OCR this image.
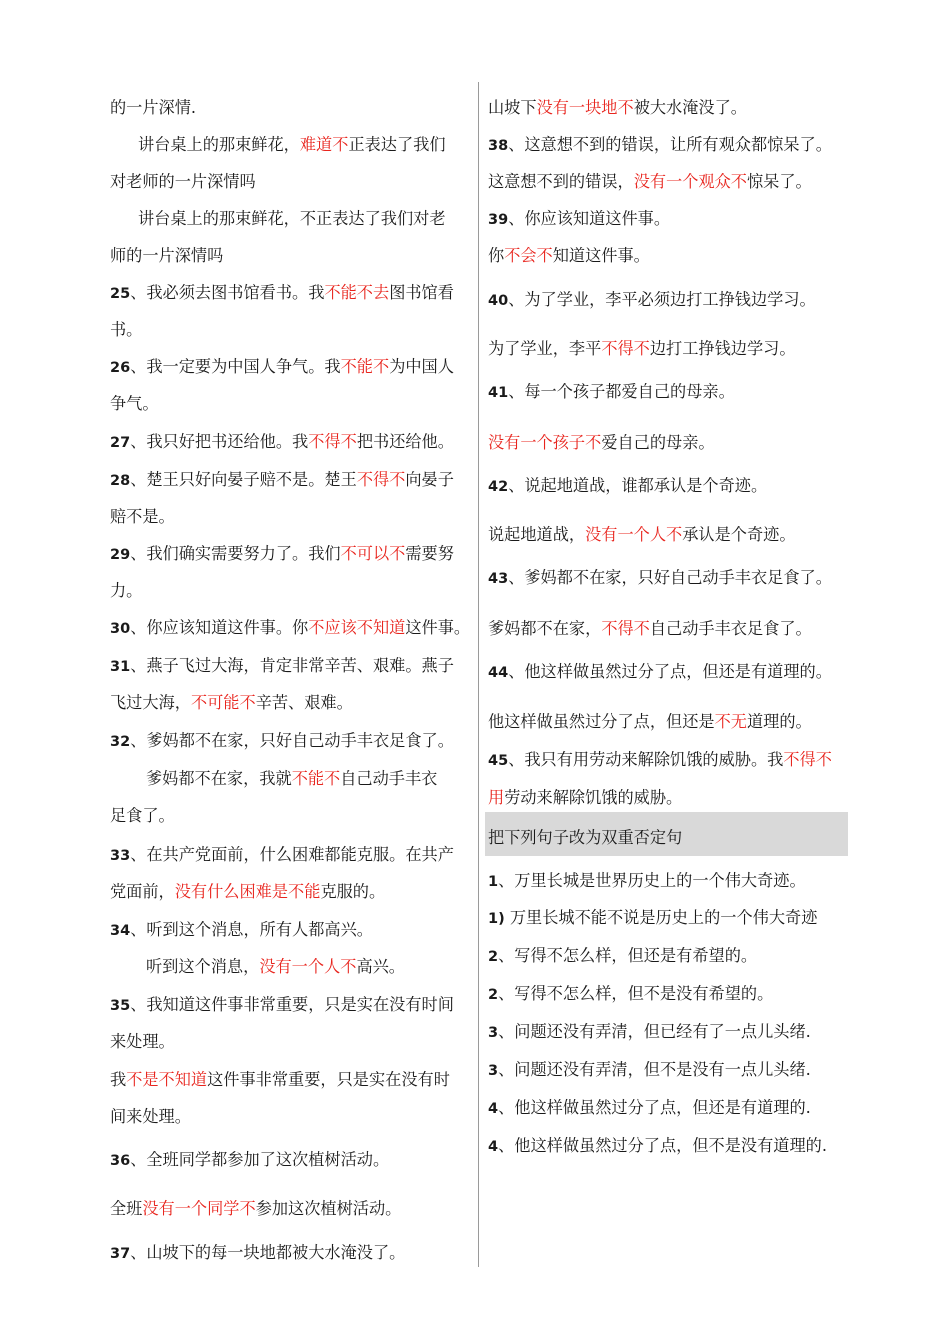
的一片深情.
讲台桌上的那束鲜花，难道不正表达了我们
对老师的一片深情吗
讲台桌上的那束鲜花，不正表达了我们对老
师的一片深情吗
25、我必须去图书馆看书。我不能不去图书馆看
书。
26、我一定要为中国人争气。我不能不为中国人
争气。
27、我只好把书还给他。我不得不把书还给他。
28、楚王只好向晏子赔不是。楚王不得不向晏子
赔不是。
29、我们确实需要努力了。我们不可以不需要努
力。
30、你应该知道这件事。你不应该不知道这件事。
31、燕子飞过大海，肯定非常辛苦、艰难。燕子
飞过大海，不可能不辛苦、艰难。
32、爹妈都不在家，只好自己动手丰衣足食了。
爹妈都不在家，我就不能不自己动手丰衣
足食了。
33、在共产党面前，什么困难都能克服。在共产
党面前，没有什么困难是不能克服的。
34、听到这个消息，所有人都高兴。
听到这个消息，没有一个人不高兴。
35、我知道这件事非常重要，只是实在没有时间
来处理。
我不是不知道这件事非常重要，只是实在没有时
间来处理。
36、全班同学都参加了这次植树活动。
全班没有一个同学不参加这次植树活动。
37、山坡下的每一块地都被大水淹没了。
山坡下没有一块地不被大水淹没了。
38、这意想不到的错误，让所有观众都惊呆了。
这意想不到的错误，没有一个观众不惊呆了。
39、你应该知道这件事。
你不会不知道这件事。
40、为了学业，李平必须边打工挣钱边学习。
为了学业，李平不得不边打工挣钱边学习。
41、每一个孩子都爱自己的母亲。
没有一个孩子不爱自己的母亲。
42、说起地道战，谁都承认是个奇迹。
说起地道战，没有一个人不承认是个奇迹。
43、爹妈都不在家，只好自己动手丰衣足食了。
爹妈都不在家，不得不自己动手丰衣足食了。
44、他这样做虽然过分了点，但还是有道理的。
他这样做虽然过分了点，但还是不无道理的。
45、我只有用劳动来解除饥饿的威胁。我不得不
用劳动来解除饥饿的威胁。
把下列句子改为双重否定句
1、万里长城是世界历史上的一个伟大奇迹。
1) 万里长城不能不说是历史上的一个伟大奇迹
2、写得不怎么样，但还是有希望的。
2、写得不怎么样，但不是没有希望的。
3、问题还没有弄清，但已经有了一点儿头绪.
3、问题还没有弄清，但不是没有一点儿头绪.
4、他这样做虽然过分了点，但还是有道理的.
4、他这样做虽然过分了点，但不是没有道理的.
